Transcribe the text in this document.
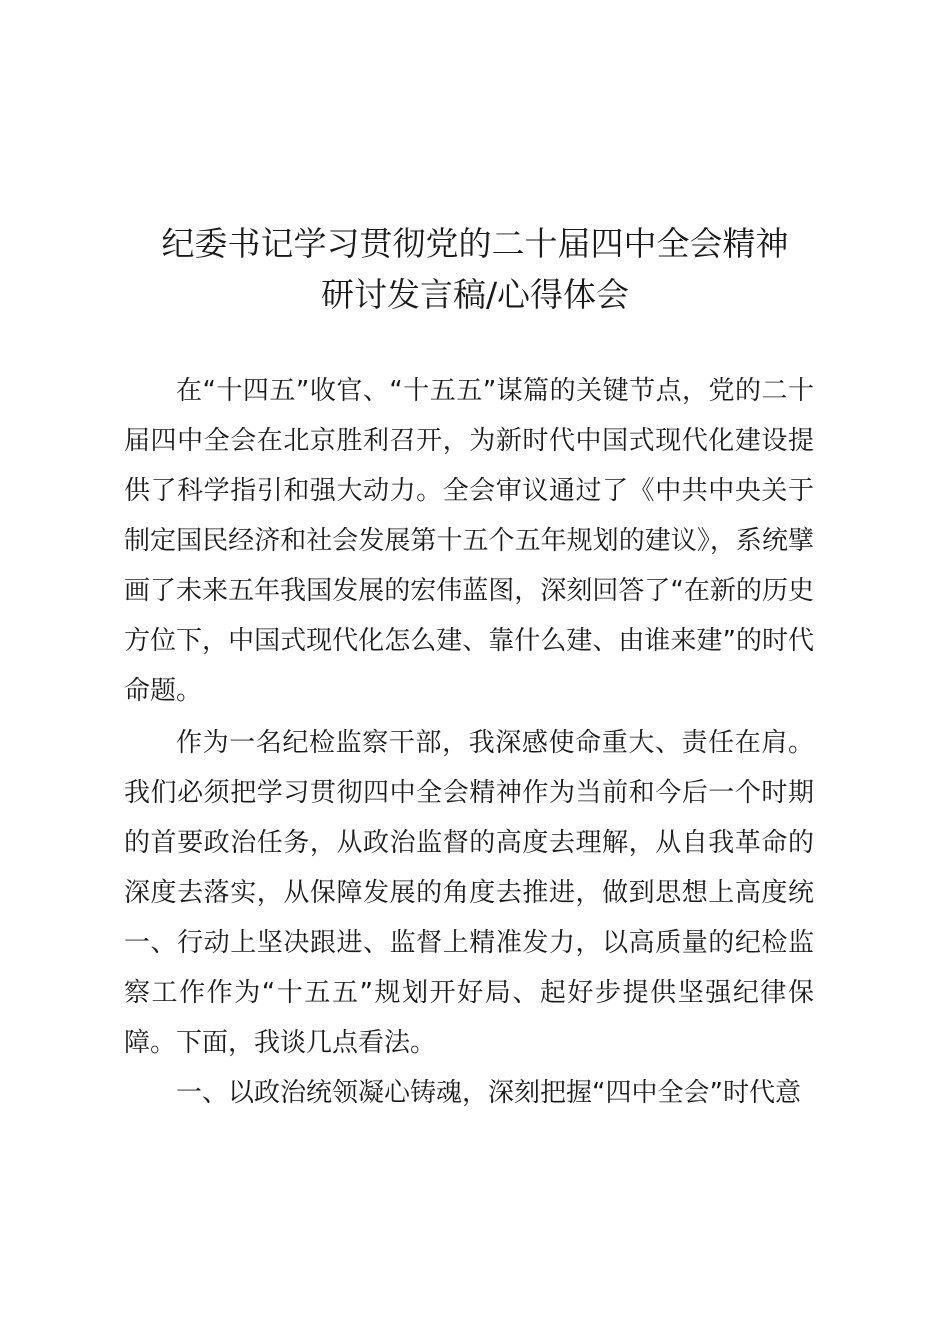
纪委书记学习贯彻党的二十届四中全会精神
研讨发言稿/心得体会

在“十四五”收官、“十五五”谋篇的关键节点，党的二十届四中全会在北京胜利召开，为新时代中国式现代化建设提供了科学指引和强大动力。全会审议通过了《中共中央关于制定国民经济和社会发展第十五个五年规划的建议》，系统擘画了未来五年我国发展的宏伟蓝图，深刻回答了“在新的历史方位下，中国式现代化怎么建、靠什么建、由谁来建”的时代命题。

作为一名纪检监察干部，我深感使命重大、责任在肩。我们必须把学习贯彻四中全会精神作为当前和今后一个时期的首要政治任务，从政治监督的高度去理解，从自我革命的深度去落实，从保障发展的角度去推进，做到思想上高度统一、行动上坚决跟进、监督上精准发力，以高质量的纪检监察工作作为“十五五”规划开好局、起好步提供坚强纪律保障。下面，我谈几点看法。

一、以政治统领凝心铸魂，深刻把握“四中全会”时代意
